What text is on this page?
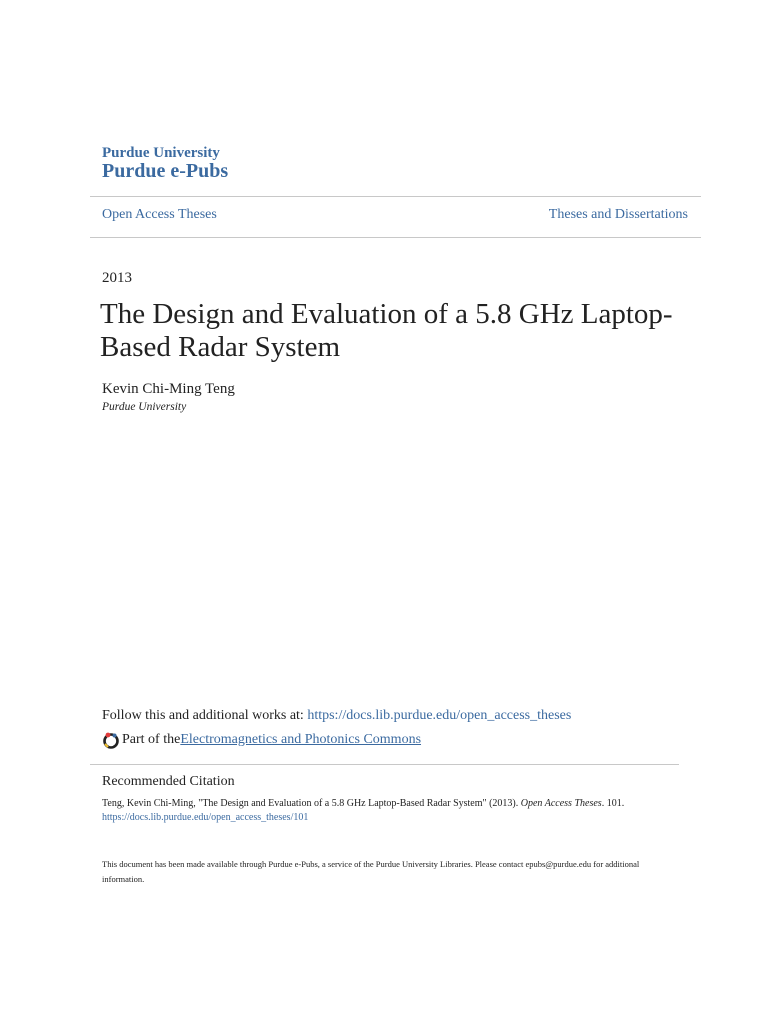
Purdue University
Purdue e-Pubs
Open Access Theses	Theses and Dissertations
2013
The Design and Evaluation of a 5.8 GHz Laptop-Based Radar System
Kevin Chi-Ming Teng
Purdue University
Follow this and additional works at: https://docs.lib.purdue.edu/open_access_theses
Part of the Electromagnetics and Photonics Commons
Recommended Citation
Teng, Kevin Chi-Ming, "The Design and Evaluation of a 5.8 GHz Laptop-Based Radar System" (2013). Open Access Theses. 101.
https://docs.lib.purdue.edu/open_access_theses/101
This document has been made available through Purdue e-Pubs, a service of the Purdue University Libraries. Please contact epubs@purdue.edu for additional information.
